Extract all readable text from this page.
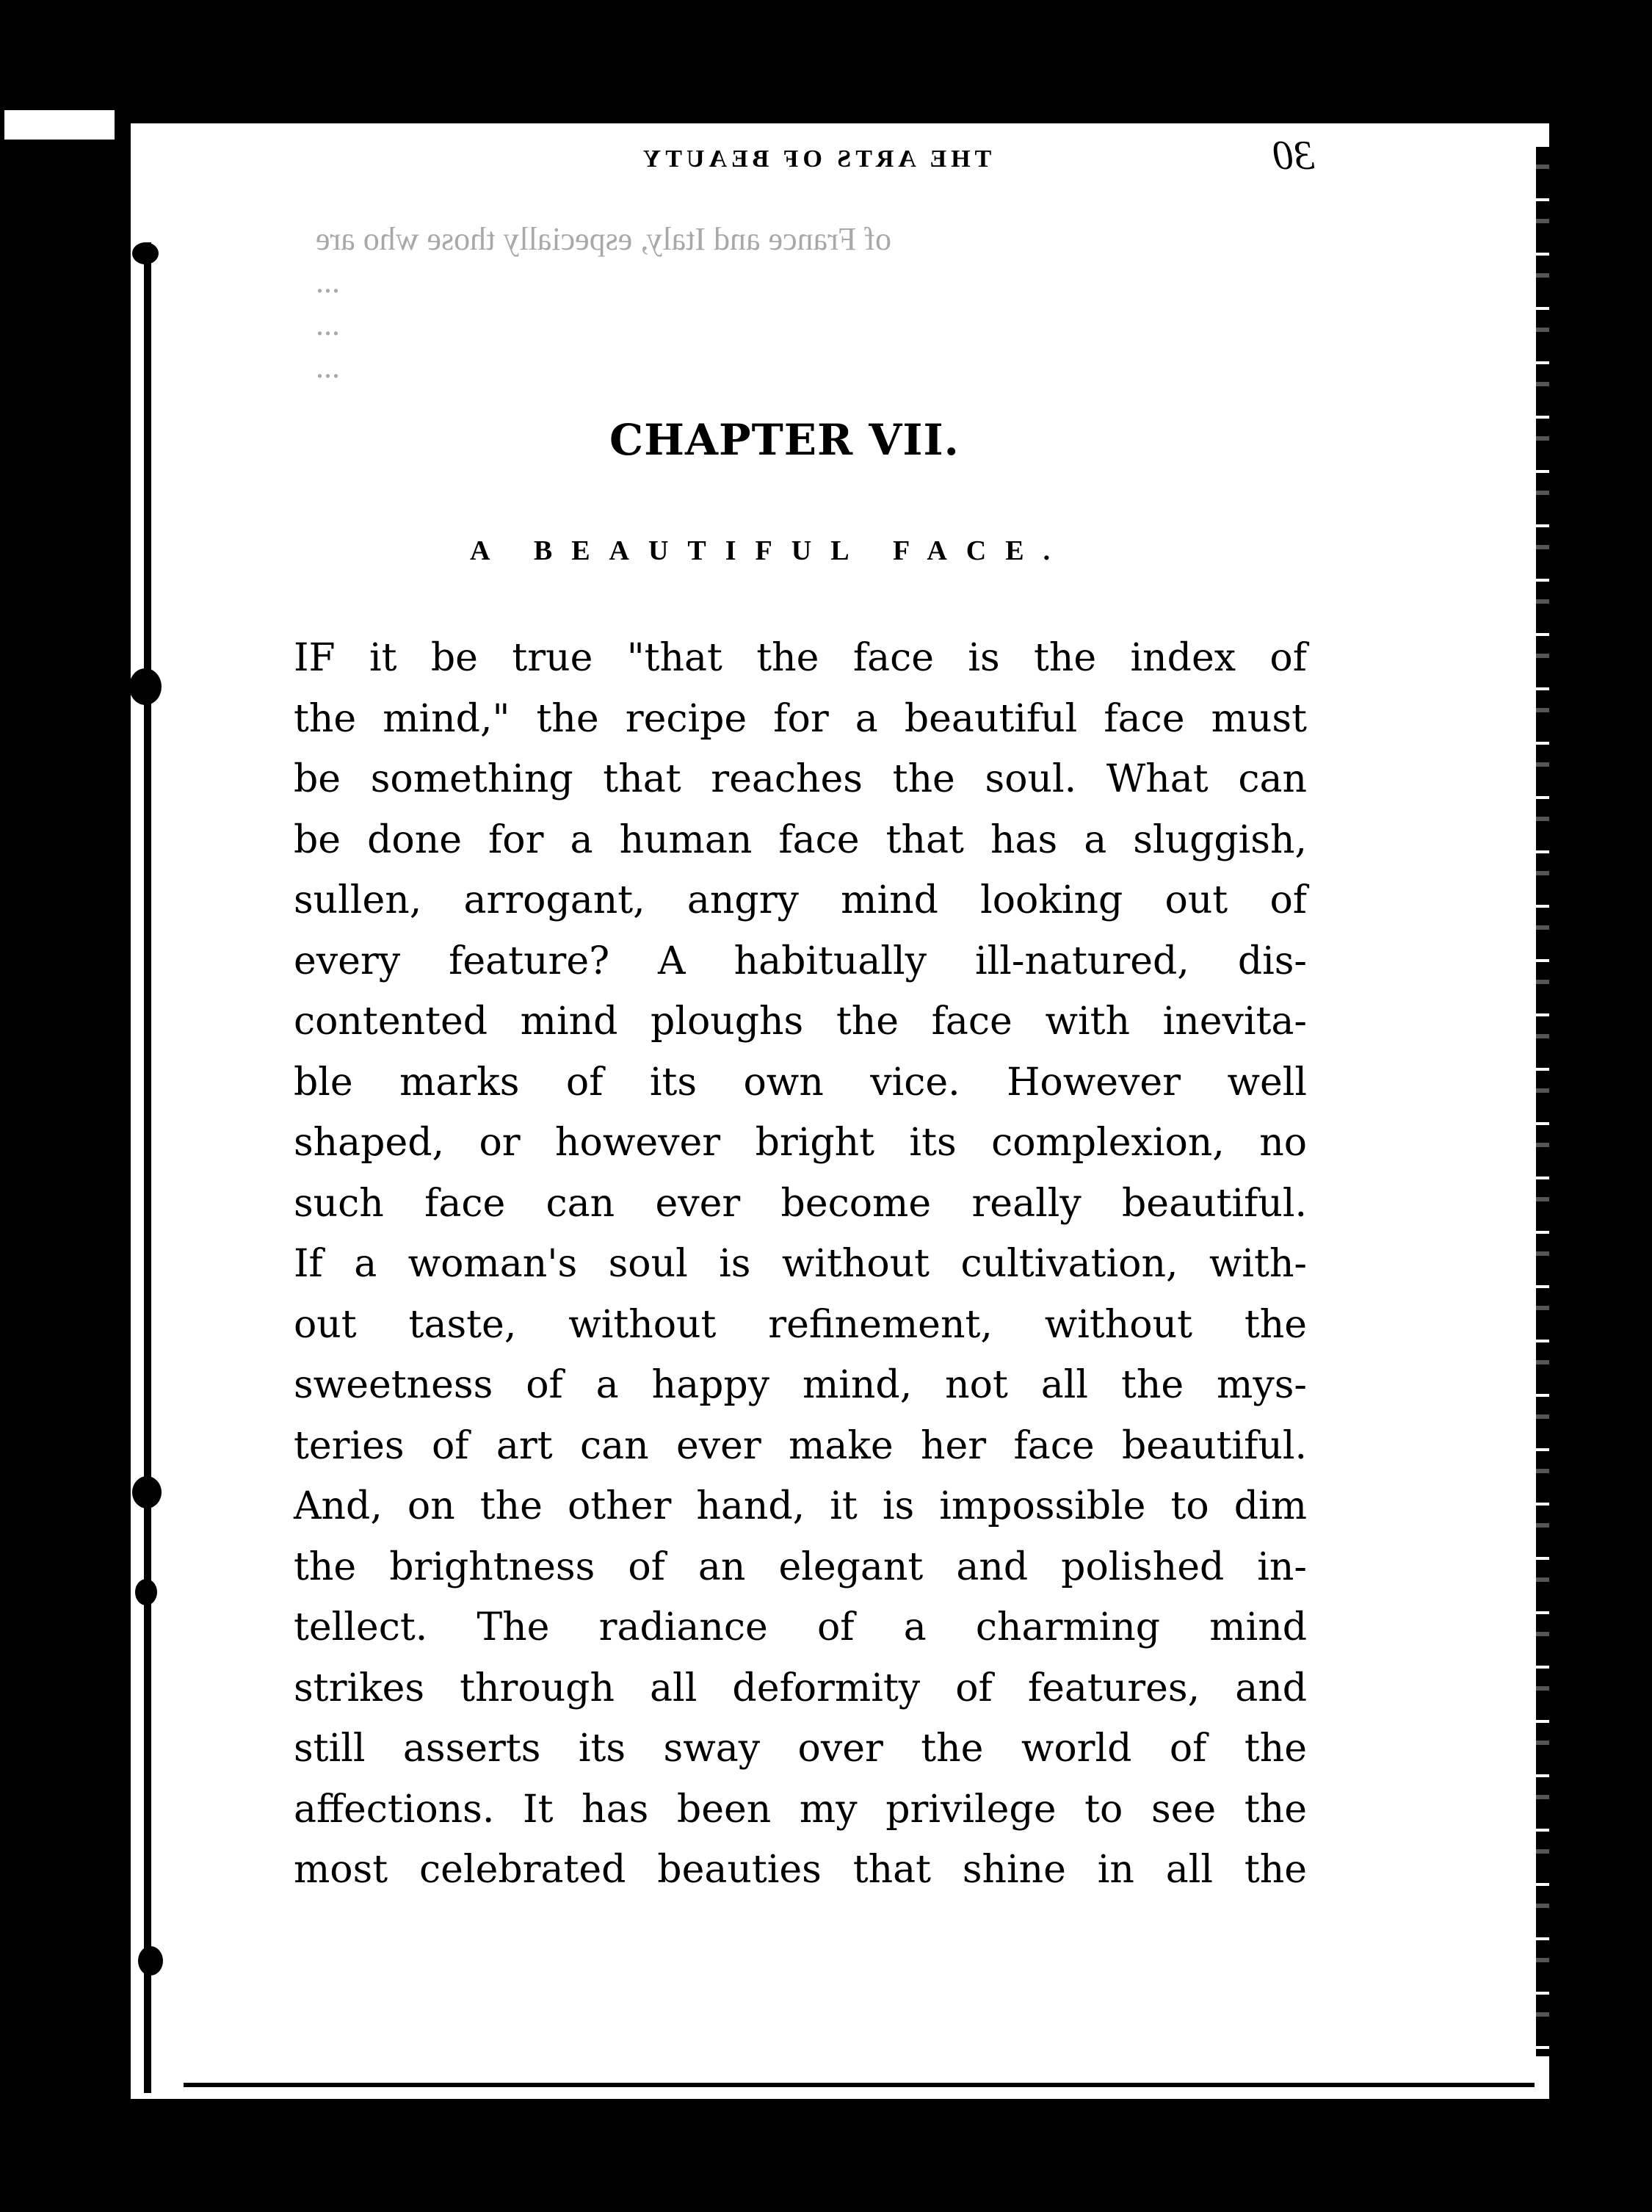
THE ARTS OF BEAUTY	30
of France and Italy, especially those who are
...
...
...
CHAPTER VII.
A BEAUTIFUL FACE.
IF it be true "that the face is the index of
the mind," the recipe for a beautiful face must
be something that reaches the soul. What can
be done for a human face that has a sluggish,
sullen, arrogant, angry mind looking out of
every feature? A habitually ill-natured, dis-
contented mind ploughs the face with inevita-
ble marks of its own vice. However well
shaped, or however bright its complexion, no
such face can ever become really beautiful.
If a woman's soul is without cultivation, with-
out taste, without refinement, without the
sweetness of a happy mind, not all the mys-
teries of art can ever make her face beautiful.
And, on the other hand, it is impossible to dim
the brightness of an elegant and polished in-
tellect. The radiance of a charming mind
strikes through all deformity of features, and
still asserts its sway over the world of the
affections. It has been my privilege to see the
most celebrated beauties that shine in all the
